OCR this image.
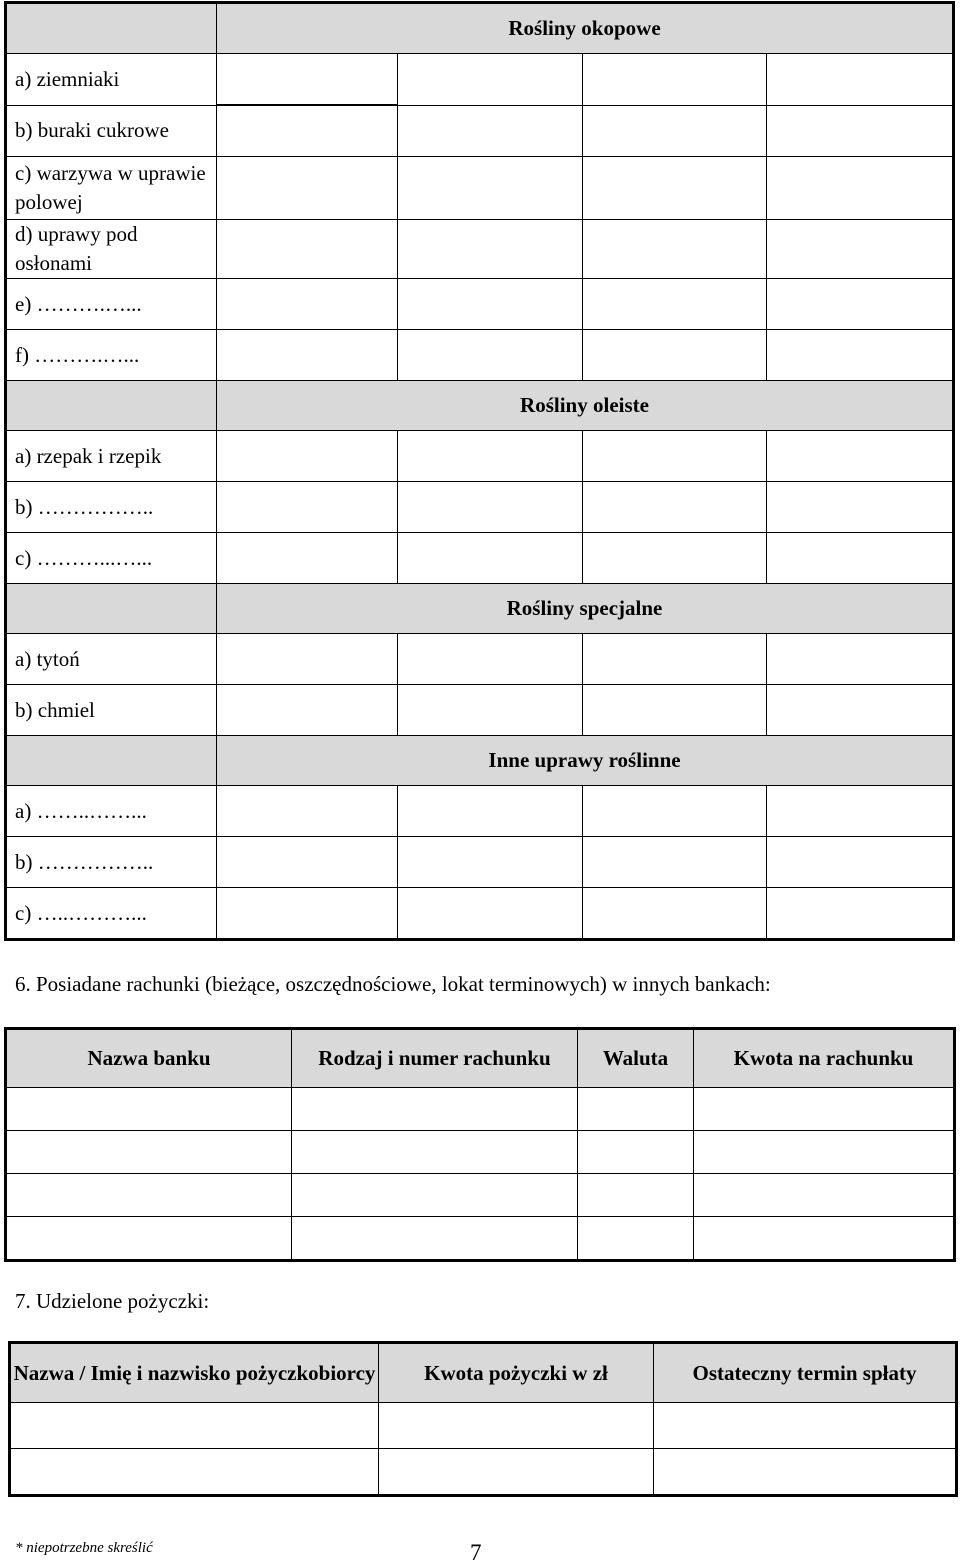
	Rośliny okopowe			
a) ziemniaki				
b) buraki cukrowe				
c) warzywa w uprawie polowej				
d) uprawy pod osłonami				
e) ……….…...				
f) ……….…...				
	Rośliny oleiste			
a) rzepak i rzepik				
b) ……………..				
c) ………...…...				
	Rośliny specjalne			
a) tytoń				
b) chmiel				
	Inne uprawy roślinne			
a) ……..……...				
b) ……………..				
c) …..………...				
6. Posiadane rachunki (bieżące, oszczędnościowe, lokat terminowych) w innych bankach:
Nazwa banku	Rodzaj i numer rachunku	Waluta	Kwota na rachunku

7. Udzielone pożyczki:
Nazwa / Imię i nazwisko pożyczkobiorcy	Kwota pożyczki w zł	Ostateczny termin spłaty

* niepotrzebne skreślić	7
